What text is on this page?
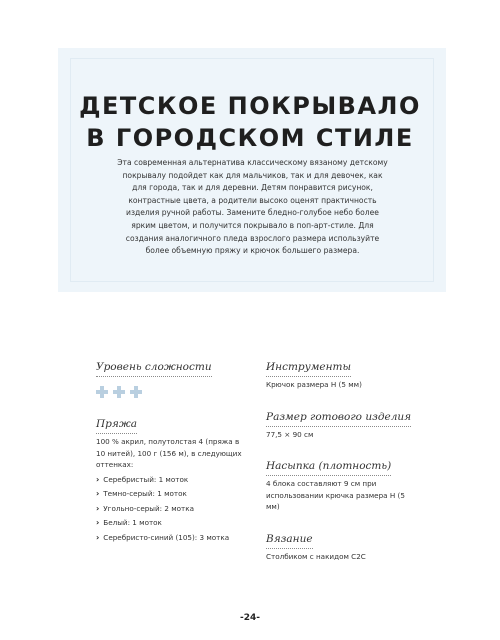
ДЕТСКОЕ ПОКРЫВАЛО
В ГОРОДСКОМ СТИЛЕ

Эта современная альтернатива классическому вязаному детскому покрывалу подойдет как для мальчиков, так и для девочек, как для города, так и для деревни. Детям понравится рисунок, контрастные цвета, а родители высоко оценят практичность изделия ручной работы. Замените бледно-голубое небо более ярким цветом, и получится покрывало в поп-арт-стиле. Для создания аналогичного пледа взрослого размера используйте более объемную пряжу и крючок большего размера.

Уровень сложности
Пряжа

100 % акрил, полутолстая 4 (пряжа в 10 нитей), 100 г (156 м), в следующих оттенках:

› Серебристый: 1 моток
› Темно-серый: 1 моток
› Угольно-серый: 2 мотка
› Белый: 1 моток
› Серебристо-синий (105): 3 мотка
Инструменты

Крючок размера Н (5 мм)

Размер готового изделия

77,5 × 90 см

Насыпка (плотность)

4 блока составляют 9 см при использовании крючка размера Н (5 мм)

Вязание

Столбиком с накидом С2С

-24-
